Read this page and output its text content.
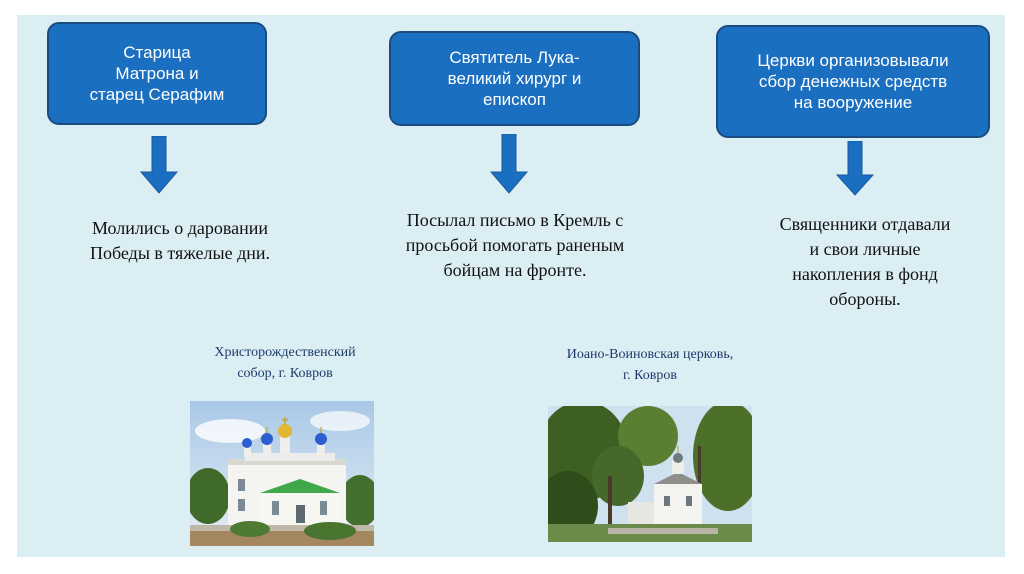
Старица
Матрона и
старец Серафим
Святитель Лука-
великий хирург и
епископ
Церкви организовывали
сбор денежных средств
на вооружение
Молились о даровании
Победы в тяжелые дни.
Посылал письмо в Кремль с
просьбой помогать раненым
бойцам на фронте.
Священники отдавали
и свои личные
накопления в фонд
обороны.
Христорождественский
собор, г. Ковров
Иоано-Воиновская церковь,
г. Ковров
